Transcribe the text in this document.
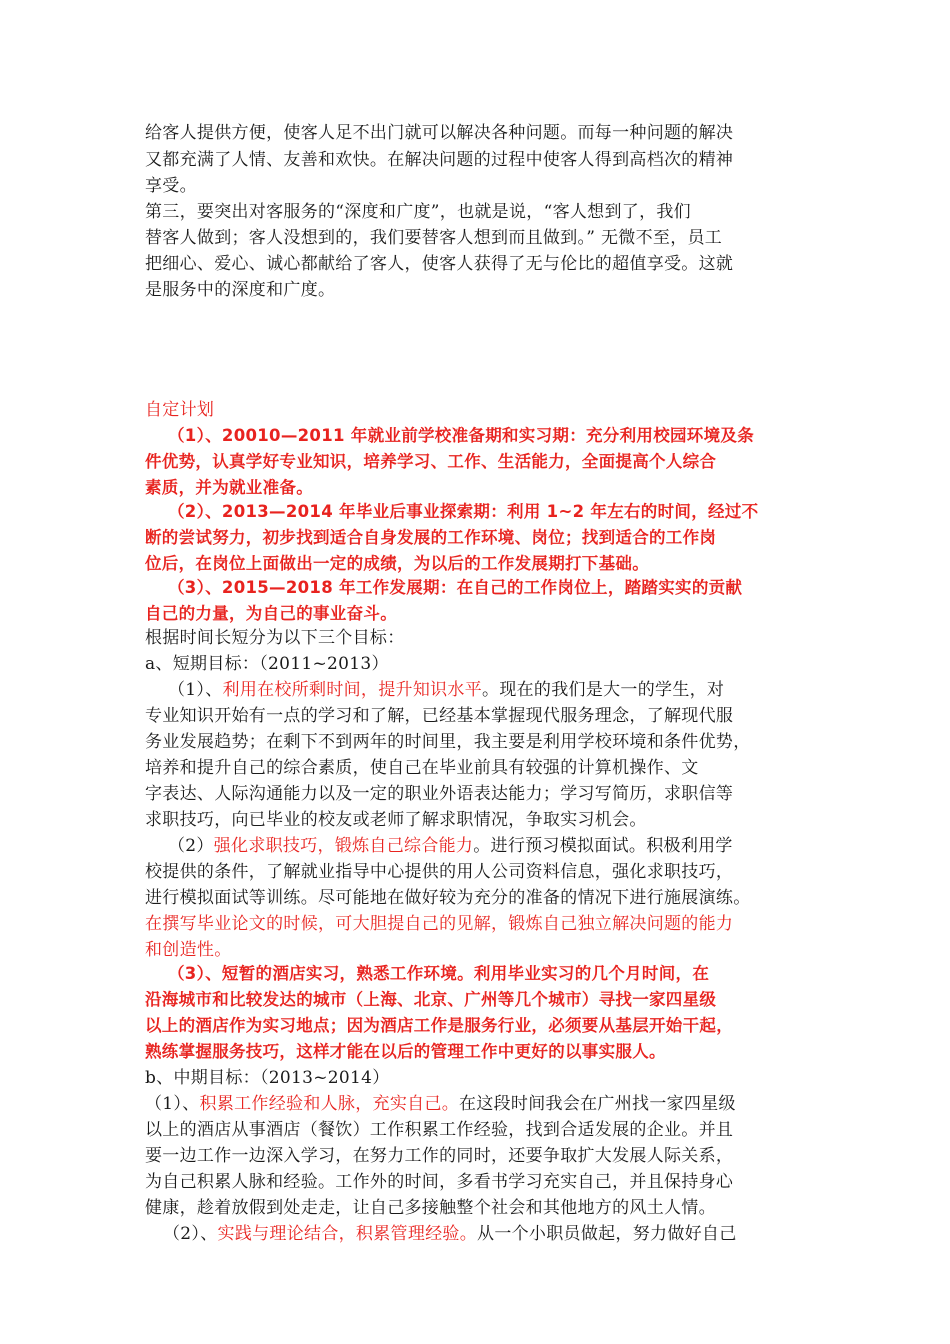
给客人提供方便，使客人足不出门就可以解决各种问题。而每一种问题的解决
又都充满了人情、友善和欢快。在解决问题的过程中使客人得到高档次的精神
享受。
第三，要突出对客服务的“深度和广度”，也就是说，“客人想到了，我们
替客人做到；客人没想到的，我们要替客人想到而且做到。” 无微不至，员工
把细心、爱心、诚心都献给了客人，使客人获得了无与伦比的超值享受。这就
是服务中的深度和广度。
自定计划
（1）、20010—2011 年就业前学校准备期和实习期：充分利用校园环境及条
件优势，认真学好专业知识，培养学习、工作、生活能力，全面提高个人综合
素质，并为就业准备。
（2）、2013—2014 年毕业后事业探索期：利用 1~2 年左右的时间，经过不
断的尝试努力，初步找到适合自身发展的工作环境、岗位；找到适合的工作岗
位后，在岗位上面做出一定的成绩，为以后的工作发展期打下基础。
（3）、2015—2018 年工作发展期：在自己的工作岗位上，踏踏实实的贡献
自己的力量，为自己的事业奋斗。
根据时间长短分为以下三个目标：
a、短期目标：（2011~2013）
（1）、利用在校所剩时间，提升知识水平。现在的我们是大一的学生，对
专业知识开始有一点的学习和了解，已经基本掌握现代服务理念，了解现代服
务业发展趋势；在剩下不到两年的时间里，我主要是利用学校环境和条件优势，
培养和提升自己的综合素质，使自己在毕业前具有较强的计算机操作、文
字表达、人际沟通能力以及一定的职业外语表达能力；学习写简历，求职信等
求职技巧，向已毕业的校友或老师了解求职情况，争取实习机会。
（2）强化求职技巧，锻炼自己综合能力。进行预习模拟面试。积极利用学
校提供的条件，了解就业指导中心提供的用人公司资料信息，强化求职技巧，
进行模拟面试等训练。尽可能地在做好较为充分的准备的情况下进行施展演练。
在撰写毕业论文的时候，可大胆提自己的见解，锻炼自己独立解决问题的能力
和创造性。
（3）、短暂的酒店实习，熟悉工作环境。利用毕业实习的几个月时间，在
沿海城市和比较发达的城市（上海、北京、广州等几个城市）寻找一家四星级
以上的酒店作为实习地点；因为酒店工作是服务行业，必须要从基层开始干起，
熟练掌握服务技巧，这样才能在以后的管理工作中更好的以事实服人。
b、中期目标：（2013~2014）
（1）、积累工作经验和人脉，充实自己。在这段时间我会在广州找一家四星级
以上的酒店从事酒店（餐饮）工作积累工作经验，找到合适发展的企业。并且
要一边工作一边深入学习，在努力工作的同时，还要争取扩大发展人际关系，
为自己积累人脉和经验。工作外的时间，多看书学习充实自己，并且保持身心
健康，趁着放假到处走走，让自己多接触整个社会和其他地方的风土人情。
（2）、实践与理论结合，积累管理经验。从一个小职员做起，努力做好自己
